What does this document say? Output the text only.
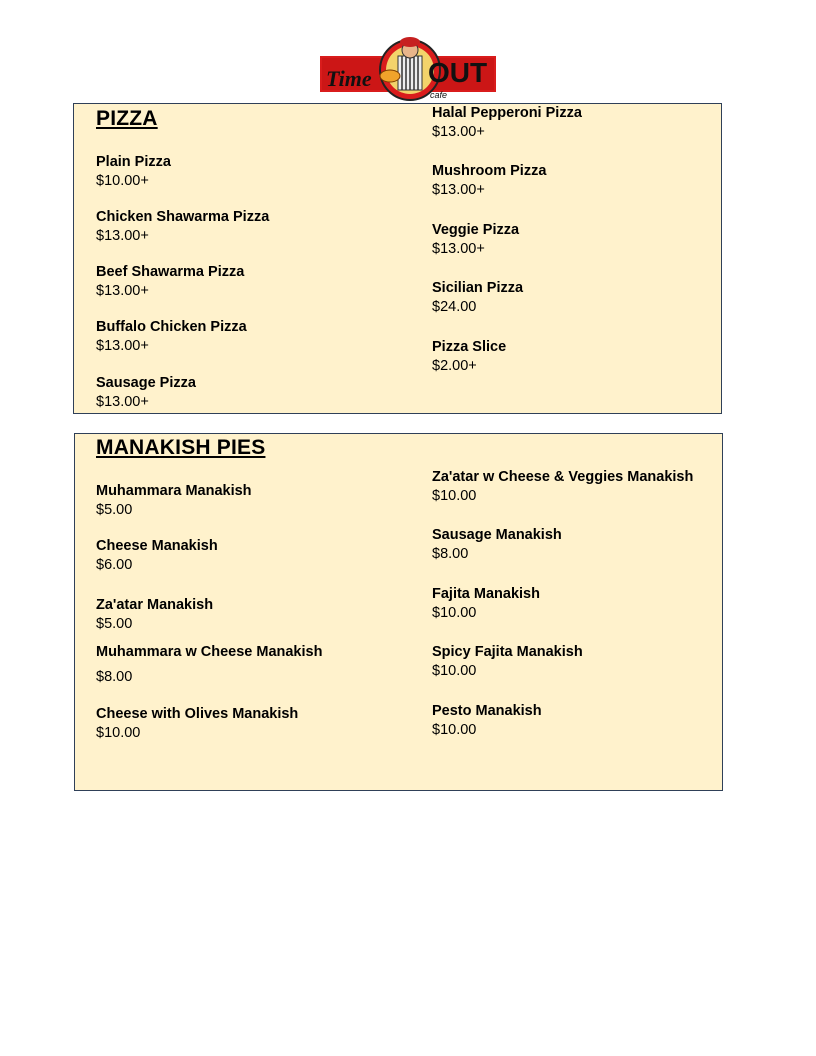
Time OUT
cafe
PIZZA
Plain Pizza
$10.00+
Chicken Shawarma Pizza
$13.00+
Beef Shawarma Pizza
$13.00+
Buffalo Chicken Pizza
$13.00+
Sausage Pizza
$13.00+
Halal Pepperoni Pizza
$13.00+
Mushroom Pizza
$13.00+
Veggie Pizza
$13.00+
Sicilian Pizza
$24.00
Pizza Slice
$2.00+
MANAKISH PIES
Muhammara Manakish
$5.00
Cheese Manakish
$6.00
Za'atar Manakish
$5.00
Muhammara w Cheese Manakish
$8.00
Cheese with Olives Manakish
$10.00
Za'atar w Cheese & Veggies Manakish
$10.00
Sausage Manakish
$8.00
Fajita Manakish
$10.00
Spicy Fajita Manakish
$10.00
Pesto Manakish
$10.00
